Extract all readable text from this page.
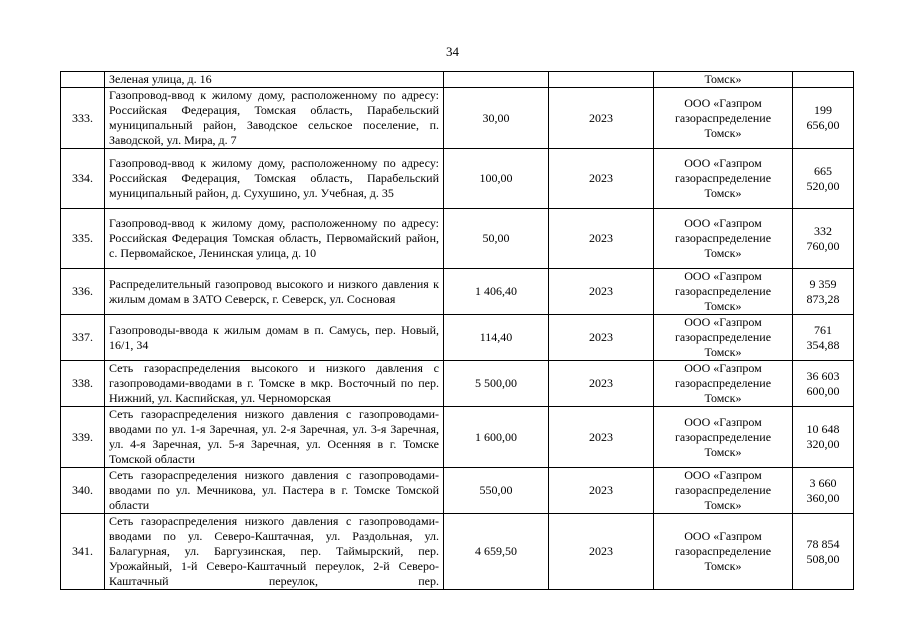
34
	Зеленая улица, д. 16			Томск»	
333.	Газопровод-ввод к жилому дому, расположенному по адресу: Российская Федерация, Томская область, Парабельский муниципальный район, Заводское сельское поселение, п. Заводской, ул. Мира, д. 7	30,00	2023	ООО «Газпром газораспределение Томск»	199 656,00
334.	Газопровод-ввод к жилому дому, расположенному по адресу: Российская Федерация, Томская область, Парабельский муниципальный район, д. Сухушино, ул. Учебная, д. 35	100,00	2023	ООО «Газпром газораспределение Томск»	665 520,00
335.	Газопровод-ввод к жилому дому, расположенному по адресу: Российская Федерация Томская область, Первомайский район, с. Первомайское, Ленинская улица, д. 10	50,00	2023	ООО «Газпром газораспределение Томск»	332 760,00
336.	Распределительный газопровод высокого и низкого давления к жилым домам в ЗАТО Северск, г. Северск, ул. Сосновая	1 406,40	2023	ООО «Газпром газораспределение Томск»	9 359 873,28
337.	Газопроводы-ввода к жилым домам в п. Самусь, пер. Новый, 16/1, 34	114,40	2023	ООО «Газпром газораспределение Томск»	761 354,88
338.	Сеть газораспределения высокого и низкого давления с газопроводами-вводами в г. Томске в мкр. Восточный по пер. Нижний, ул. Каспийская, ул. Черноморская	5 500,00	2023	ООО «Газпром газораспределение Томск»	36 603 600,00
339.	Сеть газораспределения низкого давления с газопроводами-вводами по ул. 1-я Заречная, ул. 2-я Заречная, ул. 3-я Заречная, ул. 4-я Заречная, ул. 5-я Заречная, ул. Осенняя в г. Томске Томской области	1 600,00	2023	ООО «Газпром газораспределение Томск»	10 648 320,00
340.	Сеть газораспределения низкого давления с газопроводами-вводами по ул. Мечникова, ул. Пастера в г. Томске Томской области	550,00	2023	ООО «Газпром газораспределение Томск»	3 660 360,00
341.	Сеть газораспределения низкого давления с газопроводами-вводами по ул. Северо-Каштачная, ул. Раздольная, ул. Балагурная, ул. Баргузинская, пер. Таймырский, пер. Урожайный, 1-й Северо-Каштачный переулок, 2-й Северо-Каштачный переулок, пер.	4 659,50	2023	ООО «Газпром газораспределение Томск»	78 854 508,00
